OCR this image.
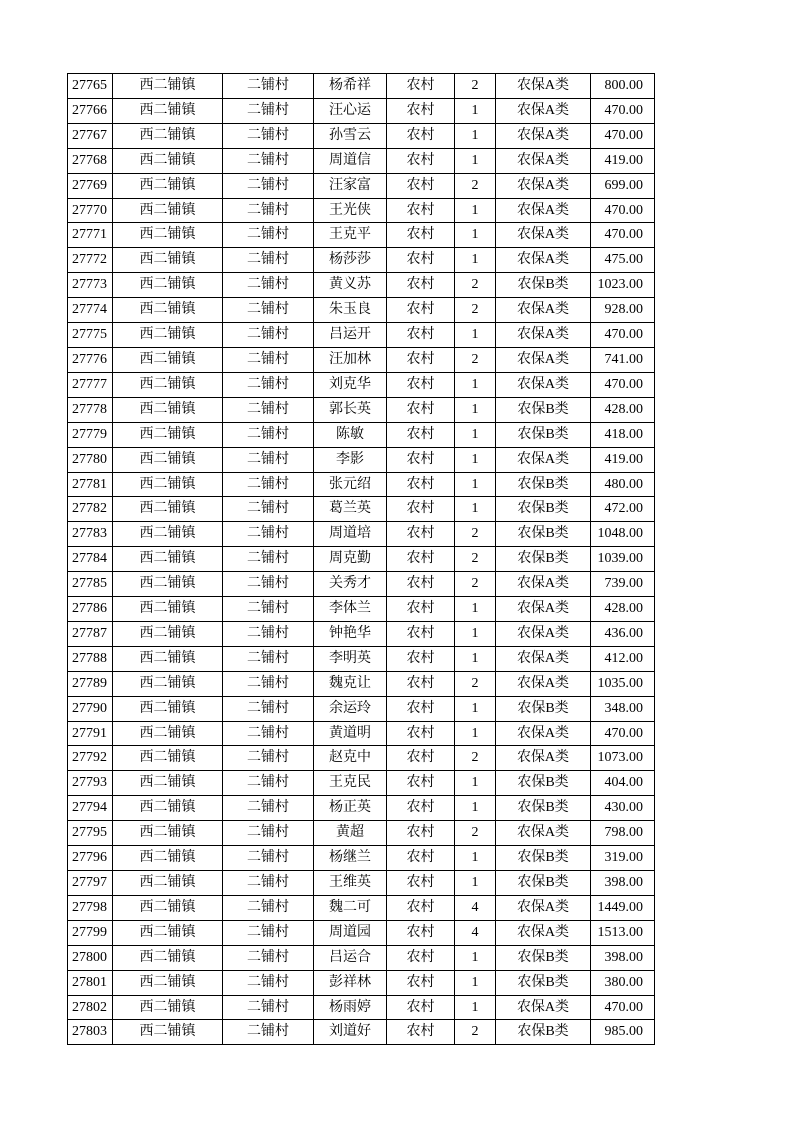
27765	西二铺镇	二铺村	杨希祥	农村	2	农保A类	800.00
27766	西二铺镇	二铺村	汪心运	农村	1	农保A类	470.00
27767	西二铺镇	二铺村	孙雪云	农村	1	农保A类	470.00
27768	西二铺镇	二铺村	周道信	农村	1	农保A类	419.00
27769	西二铺镇	二铺村	汪家富	农村	2	农保A类	699.00
27770	西二铺镇	二铺村	王光侠	农村	1	农保A类	470.00
27771	西二铺镇	二铺村	王克平	农村	1	农保A类	470.00
27772	西二铺镇	二铺村	杨莎莎	农村	1	农保A类	475.00
27773	西二铺镇	二铺村	黄义苏	农村	2	农保B类	1023.00
27774	西二铺镇	二铺村	朱玉良	农村	2	农保A类	928.00
27775	西二铺镇	二铺村	吕运开	农村	1	农保A类	470.00
27776	西二铺镇	二铺村	汪加林	农村	2	农保A类	741.00
27777	西二铺镇	二铺村	刘克华	农村	1	农保A类	470.00
27778	西二铺镇	二铺村	郭长英	农村	1	农保B类	428.00
27779	西二铺镇	二铺村	陈敏	农村	1	农保B类	418.00
27780	西二铺镇	二铺村	李影	农村	1	农保A类	419.00
27781	西二铺镇	二铺村	张元绍	农村	1	农保B类	480.00
27782	西二铺镇	二铺村	葛兰英	农村	1	农保B类	472.00
27783	西二铺镇	二铺村	周道培	农村	2	农保B类	1048.00
27784	西二铺镇	二铺村	周克勤	农村	2	农保B类	1039.00
27785	西二铺镇	二铺村	关秀才	农村	2	农保A类	739.00
27786	西二铺镇	二铺村	李体兰	农村	1	农保A类	428.00
27787	西二铺镇	二铺村	钟艳华	农村	1	农保A类	436.00
27788	西二铺镇	二铺村	李明英	农村	1	农保A类	412.00
27789	西二铺镇	二铺村	魏克让	农村	2	农保A类	1035.00
27790	西二铺镇	二铺村	余运玲	农村	1	农保B类	348.00
27791	西二铺镇	二铺村	黄道明	农村	1	农保A类	470.00
27792	西二铺镇	二铺村	赵克中	农村	2	农保A类	1073.00
27793	西二铺镇	二铺村	王克民	农村	1	农保B类	404.00
27794	西二铺镇	二铺村	杨正英	农村	1	农保B类	430.00
27795	西二铺镇	二铺村	黄超	农村	2	农保A类	798.00
27796	西二铺镇	二铺村	杨继兰	农村	1	农保B类	319.00
27797	西二铺镇	二铺村	王维英	农村	1	农保B类	398.00
27798	西二铺镇	二铺村	魏二可	农村	4	农保A类	1449.00
27799	西二铺镇	二铺村	周道园	农村	4	农保A类	1513.00
27800	西二铺镇	二铺村	吕运合	农村	1	农保B类	398.00
27801	西二铺镇	二铺村	彭祥林	农村	1	农保B类	380.00
27802	西二铺镇	二铺村	杨雨婷	农村	1	农保A类	470.00
27803	西二铺镇	二铺村	刘道好	农村	2	农保B类	985.00
